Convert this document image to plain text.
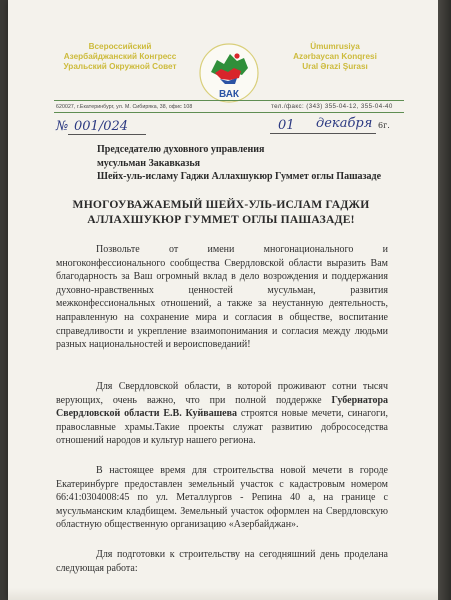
Всероссийский
Азербайджанский Конгресс
Уральский Окружной Совет
ВАК
Ümumrusiya
Azərbaycan Konqresi
Ural Ərazi Şurası
620027, г.Екатеринбург, ул. М. Сибиряка, 38, офис 108	тел./факс: (343) 355-04-12, 355-04-40
№ 001/024	01 декабря 6г.
Председателю духовного управления
мусульман Закавказья
Шейх-уль-исламу Гаджи Аллахшукюр Гуммет оглы Пашазаде
МНОГОУВАЖАЕМЫЙ ШЕЙХ-УЛЬ-ИСЛАМ ГАДЖИ АЛЛАХШУКЮР ГУММЕТ ОГЛЫ ПАШАЗАДЕ!
Позвольте от имени многонационального и многоконфессионального сообщества Свердловской области выразить Вам благодарность за Ваш огромный вклад в дело возрождения и поддержания духовно-нравственных ценностей мусульман, развития межконфессиональных отношений, а также за неустанную деятельность, направленную на сохранение мира и согласия в обществе, воспитание справедливости и укрепление взаимопонимания и согласия между людьми разных национальностей и вероисповеданий!
Для Свердловской области, в которой проживают сотни тысяч верующих, очень важно, что при полной поддержке Губернатора Свердловской области Е.В. Куйвашева строятся новые мечети, синагоги, православные храмы.Такие проекты служат развитию добрососедства отношений народов и культур нашего региона.
В настоящее время для строительства новой мечети в городе Екатеринбурге предоставлен земельный участок с кадастровым номером 66:41:0304008:45 по ул. Металлургов - Репина 40 а, на границе с мусульманским кладбищем. Земельный участок оформлен на Свердловскую областную общественную организацию «Азербайджан».
Для подготовки к строительству на сегодняшний день проделана следующая работа:
